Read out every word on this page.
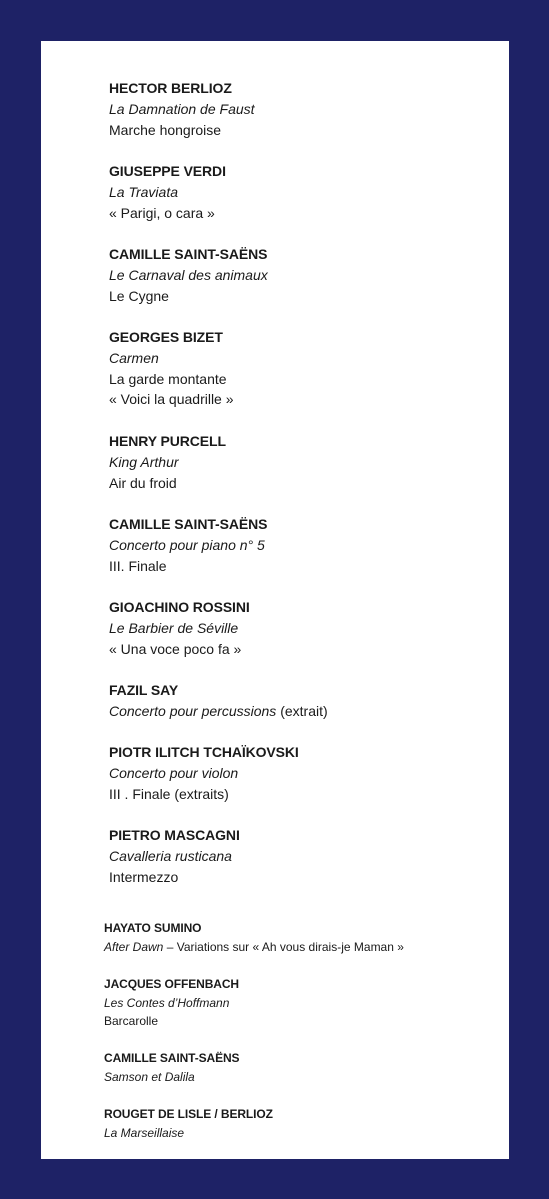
HECTOR BERLIOZ
La Damnation de Faust
Marche hongroise
GIUSEPPE VERDI
La Traviata
« Parigi, o cara »
CAMILLE SAINT-SAËNS
Le Carnaval des animaux
Le Cygne
GEORGES BIZET
Carmen
La garde montante
« Voici la quadrille »
HENRY PURCELL
King Arthur
Air du froid
CAMILLE SAINT-SAËNS
Concerto pour piano n° 5
III. Finale
GIOACHINO ROSSINI
Le Barbier de Séville
« Una voce poco fa »
FAZIL SAY
Concerto pour percussions (extrait)
PIOTR ILITCH TCHAÏKOVSKI
Concerto pour violon
III . Finale (extraits)
PIETRO MASCAGNI
Cavalleria rusticana
Intermezzo
HAYATO SUMINO
After Dawn – Variations sur « Ah vous dirais-je Maman »
JACQUES OFFENBACH
Les Contes d’Hoffmann
Barcarolle
CAMILLE SAINT-SAËNS
Samson et Dalila
ROUGET DE LISLE / BERLIOZ
La Marseillaise
